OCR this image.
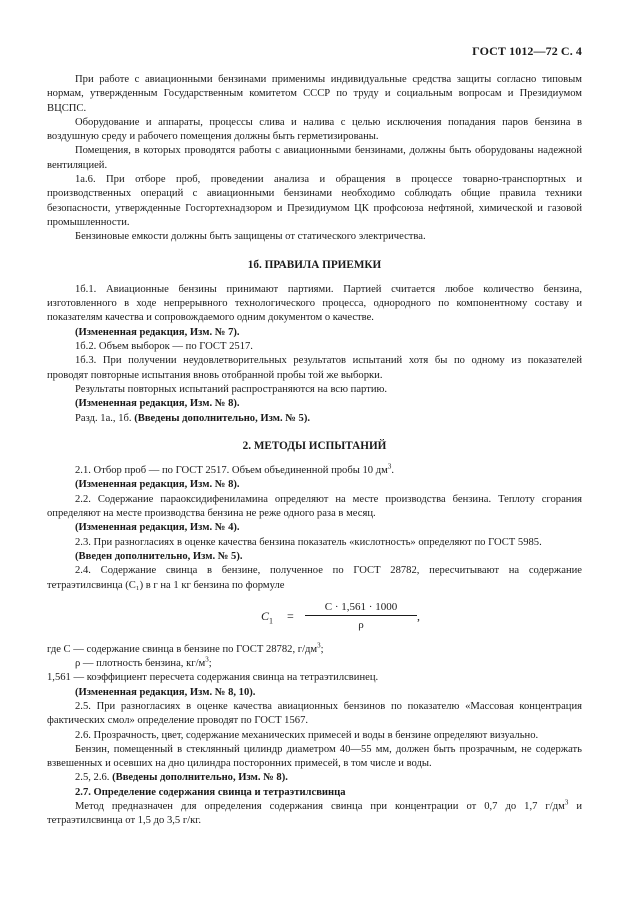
ГОСТ 1012—72 С. 4

При работе с авиационными бензинами применимы индивидуальные средства защиты согласно типовым нормам, утвержденным Государственным комитетом СССР по труду и социальным вопросам и Президиумом ВЦСПС.

Оборудование и аппараты, процессы слива и налива с целью исключения попадания паров бензина в воздушную среду и рабочего помещения должны быть герметизированы.

Помещения, в которых проводятся работы с авиационными бензинами, должны быть оборудованы надежной вентиляцией.

1а.6. При отборе проб, проведении анализа и обращения в процессе товарно-транспортных и производственных операций с авиационными бензинами необходимо соблюдать общие правила техники безопасности, утвержденные Госгортехнадзором и Президиумом ЦК профсоюза нефтяной, химической и газовой промышленности.

Бензиновые емкости должны быть защищены от статического электричества.

1б. ПРАВИЛА ПРИЕМКИ

1б.1. Авиационные бензины принимают партиями. Партией считается любое количество бензина, изготовленного в ходе непрерывного технологического процесса, однородного по компонентному составу и показателям качества и сопровождаемого одним документом о качестве.

(Измененная редакция, Изм. № 7).

1б.2. Объем выборок — по ГОСТ 2517.

1б.3. При получении неудовлетворительных результатов испытаний хотя бы по одному из показателей проводят повторные испытания вновь отобранной пробы той же выборки.

Результаты повторных испытаний распространяются на всю партию.

(Измененная редакция, Изм. № 8).

Разд. 1а., 1б. (Введены дополнительно, Изм. № 5).

2. МЕТОДЫ ИСПЫТАНИЙ

2.1. Отбор проб — по ГОСТ 2517. Объем объединенной пробы 10 $дм^3$.

(Измененная редакция, Изм. № 8).

2.2. Содержание параоксидифениламина определяют на месте производства бензина. Теплоту сгорания определяют на месте производства бензина не реже одного раза в месяц.

(Измененная редакция, Изм. № 4).

2.3. При разногласиях в оценке качества бензина показатель «кислотность» определяют по ГОСТ 5985.

(Введен дополнительно, Изм. № 5).

2.4. Содержание свинца в бензине, полученное по ГОСТ 28782, пересчитывают на содержание тетраэтилсвинца (C₁) в г на 1 кг бензина по формуле

$C_1 = \frac{C \cdot 1,561 \cdot 1000}{\rho}$ ,

где C — содержание свинца в бензине по ГОСТ 28782, $г/дм^3$;

ρ — плотность бензина, $кг/м^3$;

1,561 — коэффициент пересчета содержания свинца на тетраэтилсвинец.

(Измененная редакция, Изм. № 8, 10).

2.5. При разногласиях в оценке качества авиационных бензинов по показателю «Массовая концентрация фактических смол» определение проводят по ГОСТ 1567.

2.6. Прозрачность, цвет, содержание механических примесей и воды в бензине определяют визуально.

Бензин, помещенный в стеклянный цилиндр диаметром 40—55 мм, должен быть прозрачным, не содержать взвешенных и осевших на дно цилиндра посторонних примесей, в том числе и воды.

2.5, 2.6. (Введены дополнительно, Изм. № 8).

2.7. Определение содержания свинца и тетраэтилсвинца

Метод предназначен для определения содержания свинца при концентрации от 0,7 до 1,7 $г/дм^3$ и тетраэтилсвинца от 1,5 до 3,5 г/кг.
